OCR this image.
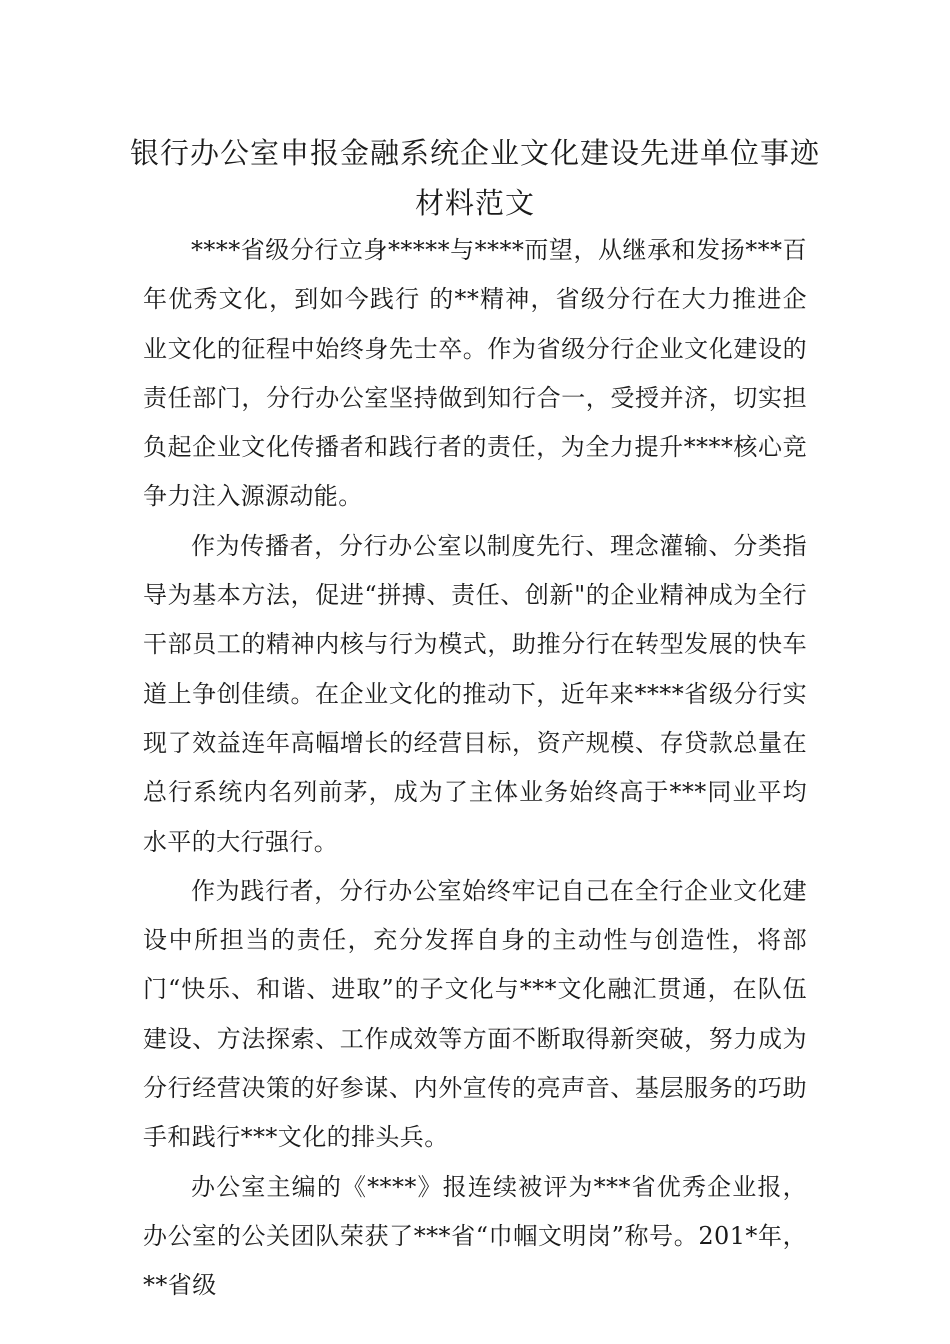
银行办公室申报金融系统企业文化建设先进单位事迹
材料范文

****省级分行立身*****与****而望，从继承和发扬***百年优秀文化，到如今践行 的**精神，省级分行在大力推进企业文化的征程中始终身先士卒。作为省级分行企业文化建设的责任部门，分行办公室坚持做到知行合一，受授并济，切实担负起企业文化传播者和践行者的责任，为全力提升****核心竞争力注入源源动能。

作为传播者，分行办公室以制度先行、理念灌输、分类指导为基本方法，促进“拼搏、责任、创新"的企业精神成为全行干部员工的精神内核与行为模式，助推分行在转型发展的快车道上争创佳绩。在企业文化的推动下，近年来****省级分行实现了效益连年高幅增长的经营目标，资产规模、存贷款总量在总行系统内名列前茅，成为了主体业务始终高于***同业平均水平的大行强行。

作为践行者，分行办公室始终牢记自己在全行企业文化建设中所担当的责任，充分发挥自身的主动性与创造性，将部门“快乐、和谐、进取”的子文化与***文化融汇贯通，在队伍建设、方法探索、工作成效等方面不断取得新突破，努力成为分行经营决策的好参谋、内外宣传的亮声音、基层服务的巧助手和践行***文化的排头兵。

办公室主编的《****》报连续被评为***省优秀企业报，办公室的公关团队荣获了***省“巾帼文明岗”称号。201*年，**省级
